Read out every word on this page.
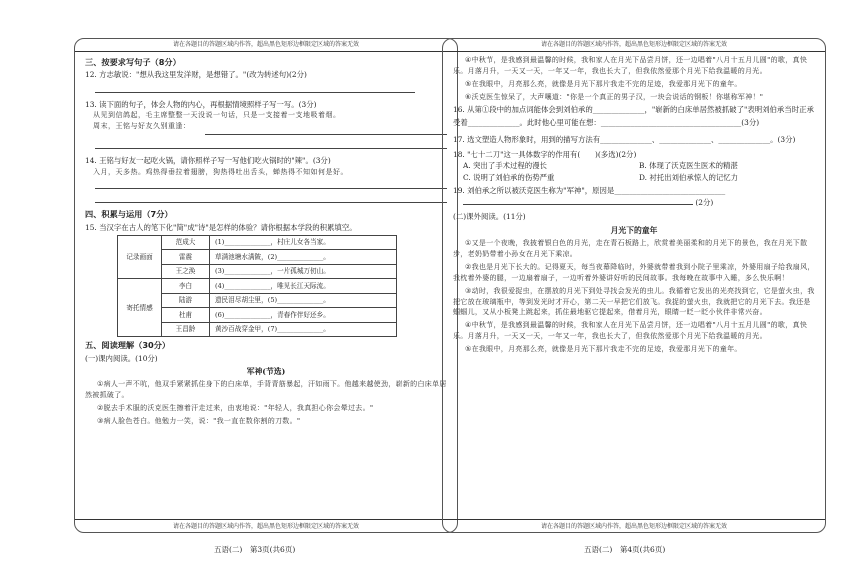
请在各题目的答题区域内作答，超出黑色矩形边框限定区域的答案无效
三、按要求写句子（8分）
12. 方志敏说："想从我这里发洋财，是想错了。"(改为转述句)(2分)
13. 读下面的句子，体会人物的内心，再根据情境照样子写一写。(3分)
从见到信鸽起，毛主席整整一天没说一句话，只是一支接着一支地吸着烟。
周末，王铭与好友久别重逢：
14. 王铭与好友一起吃火锅，请你照样子写一写他们吃火锅时的"辣"。(3分)
入月，天多热。鸡热得垂拉着翅膀，狗热得吐出舌头，蝉热得不知如何是好。
四、积累与运用（7分）
15. 当汉字在古人的笔下化"简"成"诗"是怎样的体验？请你根据本学段的积累填空。
记录画面	范成大	(1)______________，村庄儿女各当家。
	雷震	草满池塘水满陂，(2)______________。
	王之涣	(3)______________，一片孤城万仞山。
寄托情感	李白	(4)______________，唯见长江天际流。
	陆游	遗民泪尽胡尘里，(5)______________。
	杜甫	(6)______________，青春作伴好还乡。
	王昌龄	黄沙百战穿金甲，(7)______________。
五、阅读理解（30分）
(一)课内阅读。(10分)
军神(节选)
①病人一声不吭，他双手紧紧抓住身下的白床单，手背青筋暴起，汗如雨下。他越来越使劲，崭新的白床单居然被抓破了。
②脱去手术服的沃克医生擦着汗走过来，由衷地说："年轻人，我真担心你会晕过去。"
③病人脸色苍白。他勉力一笑，说："我一直在数你割的刀数。"
请在各题目的答题区域内作答，超出黑色矩形边框限定区域的答案无效
五语(二)　第3页(共6页)
请在各题目的答题区域内作答，超出黑色矩形边框限定区域的答案无效
④中秋节，是我感到最温馨的时候，我和家人在月光下品尝月饼，还一边唱着"八月十五月儿圆"的歌，真快乐。月落月升，一天又一天，一年又一年，我也长大了，但我依然爱那个月光下给我温暖的月光。
⑤在我眼中，月亮那么亮，就像是月光下那片我走不完的足迹，我爱那月光下的童年。
⑥沃克医生惊呆了，大声嚷道："你是一个真正的男子汉，一块会说话的钢板！你堪称军神！"
16. 从第①段中的加点词能体会到刘伯承的______________，"崭新的白床单居然被抓破了"表明刘伯承当时正承受着______________。此时他心里可能在想：______________________________________(3分)
17. 选文塑造人物形象时，用到的描写方法有______________、______________、______________。(3分)
18. "七十二刀"这一具体数字的作用有(　　)(多选)(2分)
A. 突出了手术过程的漫长	B. 体现了沃克医生医术的精湛
C. 说明了刘伯承的伤势严重	D. 衬托出刘伯承惊人的记忆力
19. 刘伯承之所以被沃克医生称为"军神"，原因是______________________________
(2分)
(二)课外阅读。(11分)
月光下的童年
①又是一个夜晚，我披着银白色的月光，走在青石板路上，欣赏着美丽柔和的月光下的景色，我在月光下散步，老奶奶带着小孙女在月光下乘凉。
②我也是月光下长大的。记得夏天，每当夜幕降临时，外婆就带着我到小院子里乘凉，外婆用扇子给我扇风，我枕着外婆的腿，一边扇着扇子，一边听着外婆讲好听的民间故事。我每晚在故事中入睡，多么快乐啊！
③动时，我很爱捉虫，在摆放的月光下到处寻找会发光的虫儿。我循着它发出的光亮找到它，它是萤火虫，我把它放在玻璃瓶中，等到发光时才开心，第二天一早把它们放飞。我捉的萤火虫，我就把它的月光下去。我还是蝈蝈儿，又从小板凳上跳起来，抓住最地驱它提起来，借着月光，眼睛一眨一眨小伙伴非常兴奋。
④中秋节，是我感到最温馨的时候，我和家人在月光下品尝月饼，还一边唱着"八月十五月儿圆"的歌，真快乐。月落月升，一天又一天，一年又一年，我也长大了，但我依然爱那个月光下给我温暖的月光。
⑤在我眼中，月亮那么亮，就像是月光下那片我走不完的足迹，我爱那月光下的童年。
请在各题目的答题区域内作答，超出黑色矩形边框限定区域的答案无效
五语(二)　第4页(共6页)
